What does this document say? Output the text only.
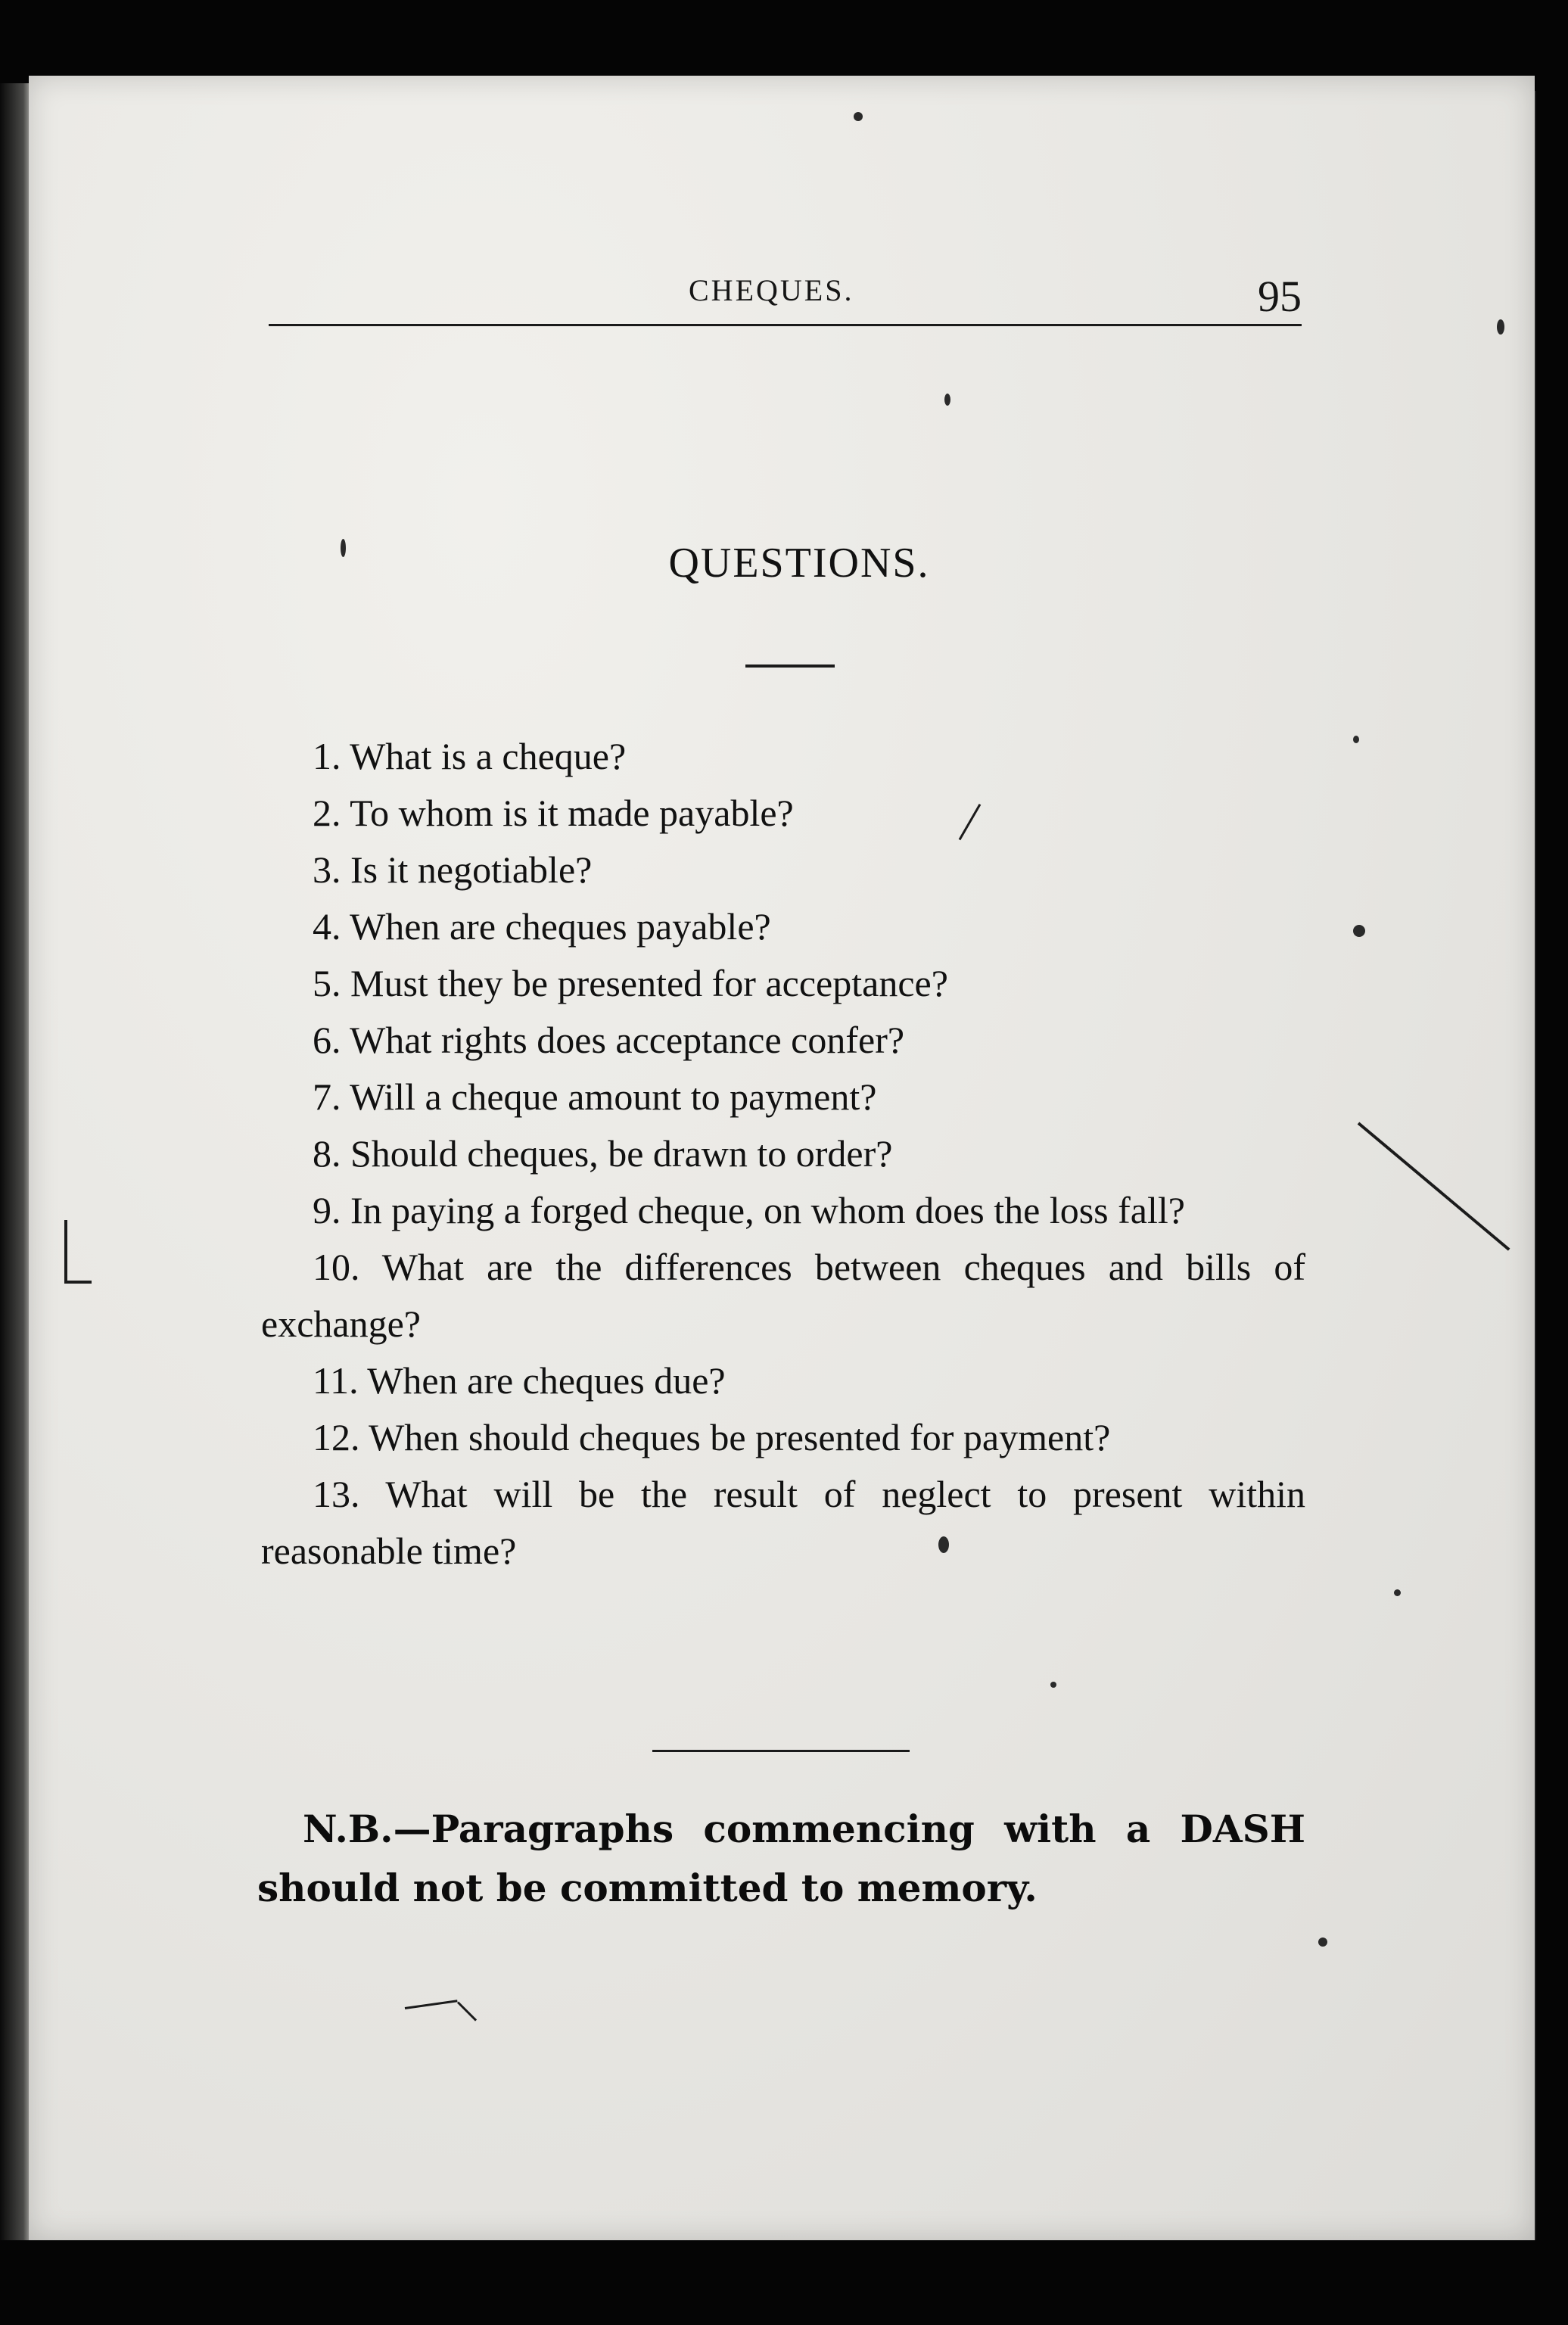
CHEQUES.	95
QUESTIONS.

1. What is a cheque?

2. To whom is it made payable?

3. Is it negotiable?

4. When are cheques payable?

5. Must they be presented for acceptance?

6. What rights does acceptance confer?

7. Will a cheque amount to payment?

8. Should cheques, be drawn to order?

9. In paying a forged cheque, on whom does the loss fall?

10. What are the differences between cheques and bills of exchange?

11. When are cheques due?

12. When should cheques be presented for payment?

13. What will be the result of neglect to present within reasonable time?

N.B.—Paragraphs commencing with a DASH should not be committed to memory.
